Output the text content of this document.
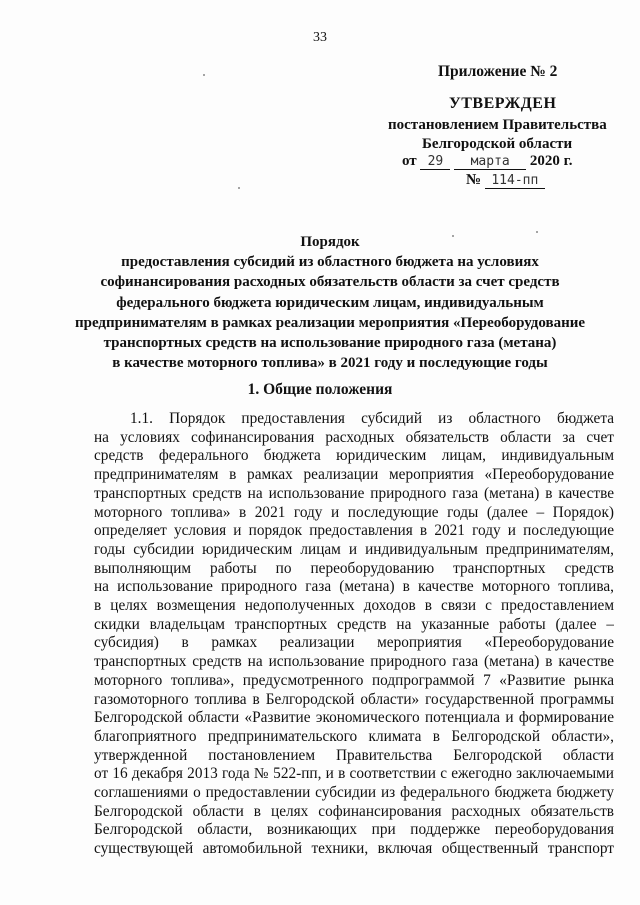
33
Приложение № 2
УТВЕРЖДЕН
постановлением Правительства
Белгородской области
от 29 марта 2020 г.
№ 114-пп
Порядок
предоставления субсидий из областного бюджета на условиях
софинансирования расходных обязательств области за счет средств
федерального бюджета юридическим лицам, индивидуальным
предпринимателям в рамках реализации мероприятия «Переоборудование
транспортных средств на использование природного газа (метана)
в качестве моторного топлива» в 2021 году и последующие годы
1. Общие положения
1.1. Порядок предоставления субсидий из областного бюджета
на условиях софинансирования расходных обязательств области за счет
средств федерального бюджета юридическим лицам, индивидуальным
предпринимателям в рамках реализации мероприятия «Переоборудование
транспортных средств на использование природного газа (метана) в качестве
моторного топлива» в 2021 году и последующие годы (далее – Порядок)
определяет условия и порядок предоставления в 2021 году и последующие
годы субсидии юридическим лицам и индивидуальным предпринимателям,
выполняющим работы по переоборудованию транспортных средств
на использование природного газа (метана) в качестве моторного топлива,
в целях возмещения недополученных доходов в связи с предоставлением
скидки владельцам транспортных средств на указанные работы (далее –
субсидия) в рамках реализации мероприятия «Переоборудование
транспортных средств на использование природного газа (метана) в качестве
моторного топлива», предусмотренного подпрограммой 7 «Развитие рынка
газомоторного топлива в Белгородской области» государственной программы
Белгородской области «Развитие экономического потенциала и формирование
благоприятного предпринимательского климата в Белгородской области»,
утвержденной постановлением Правительства Белгородской области
от 16 декабря 2013 года № 522-пп, и в соответствии с ежегодно заключаемыми
соглашениями о предоставлении субсидии из федерального бюджета бюджету
Белгородской области в целях софинансирования расходных обязательств
Белгородской области, возникающих при поддержке переоборудования
существующей автомобильной техники, включая общественный транспорт
